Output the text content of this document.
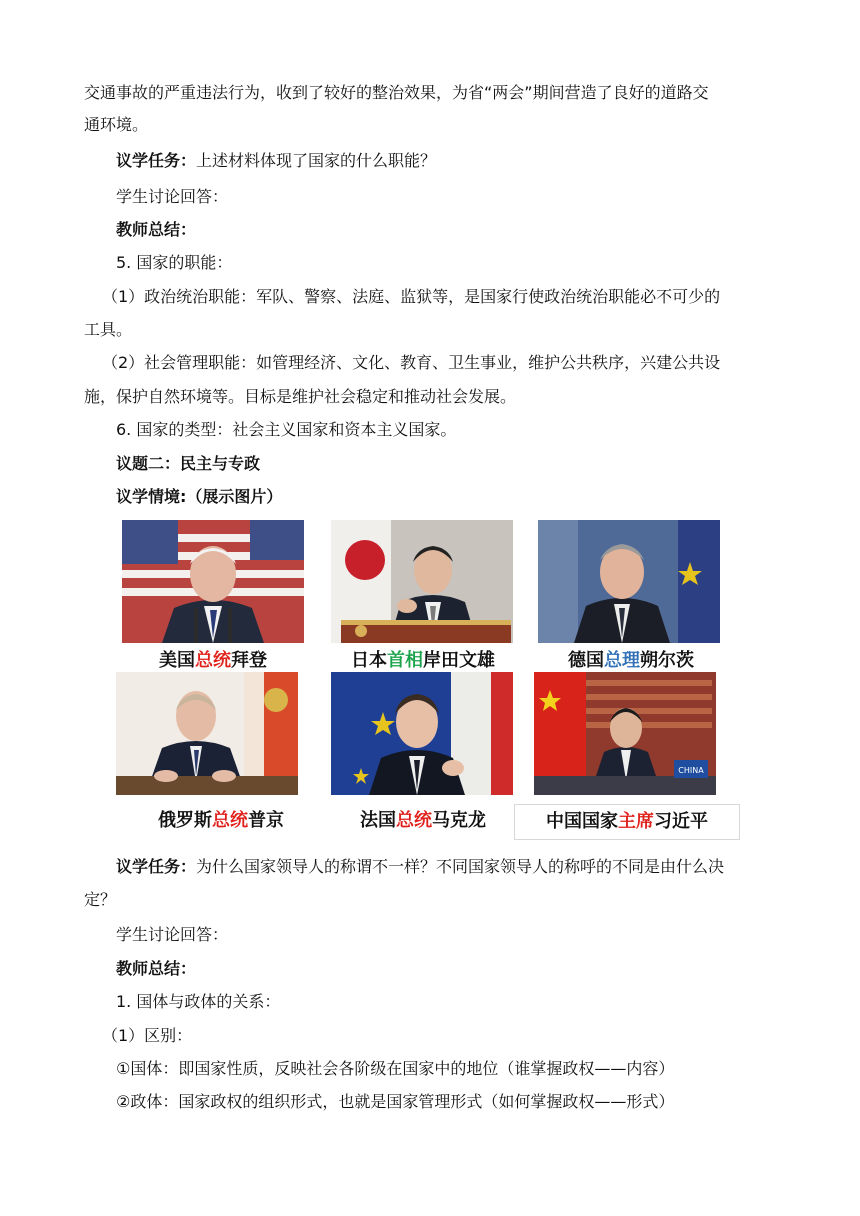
交通事故的严重违法行为，收到了较好的整治效果，为省“两会”期间营造了良好的道路交
通环境。
议学任务：上述材料体现了国家的什么职能？
学生讨论回答：
教师总结：
5. 国家的职能：
（1）政治统治职能：军队、警察、法庭、监狱等，是国家行使政治统治职能必不可少的
工具。
（2）社会管理职能：如管理经济、文化、教育、卫生事业，维护公共秩序，兴建公共设
施，保护自然环境等。目标是维护社会稳定和推动社会发展。
6. 国家的类型：社会主义国家和资本主义国家。
议题二：民主与专政
议学情境:（展示图片）
CHINA
美国总统拜登	日本首相岸田文雄	德国总理朔尔茨
俄罗斯总统普京	法国总统马克龙	中国国家主席习近平
议学任务：为什么国家领导人的称谓不一样？不同国家领导人的称呼的不同是由什么决
定？
学生讨论回答：
教师总结：
1. 国体与政体的关系：
（1）区别：
①国体：即国家性质，反映社会各阶级在国家中的地位（谁掌握政权——内容）
②政体：国家政权的组织形式，也就是国家管理形式（如何掌握政权——形式）
